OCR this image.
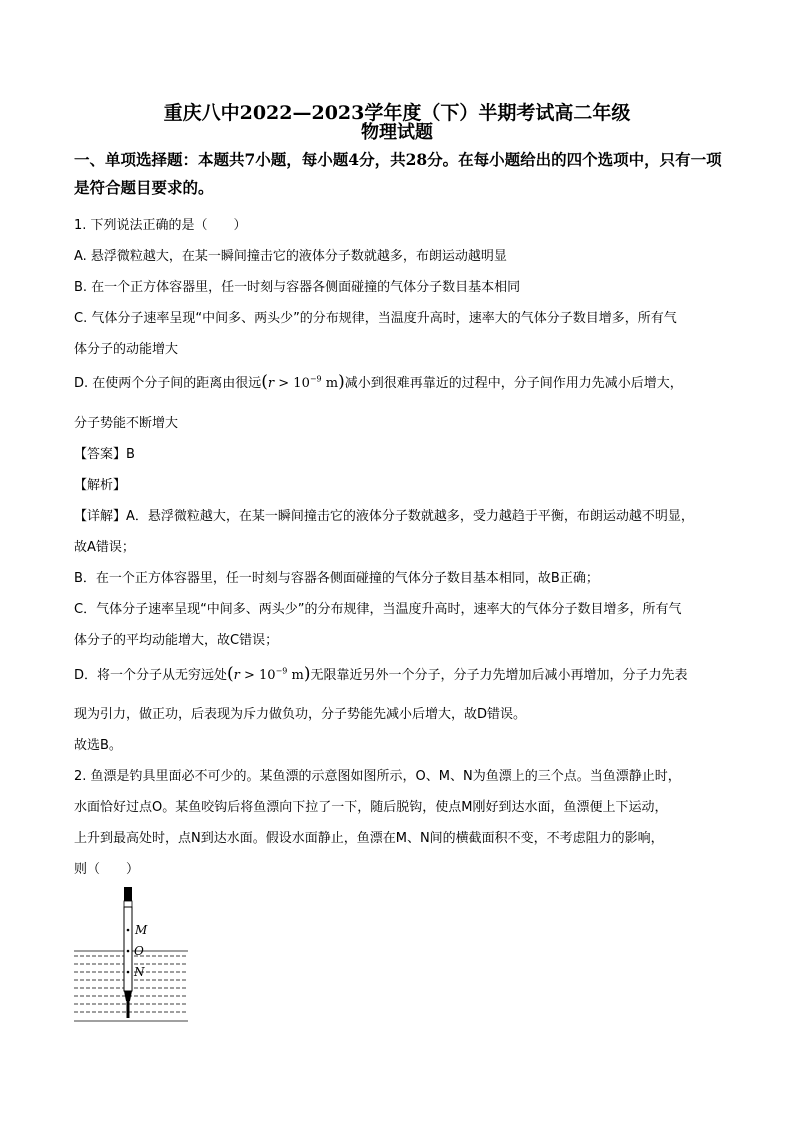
重庆八中2022—2023学年度（下）半期考试高二年级
物理试题
一、单项选择题：本题共7小题，每小题4分，共28分。在每小题给出的四个选项中，只有一项是符合题目要求的。
1. 下列说法正确的是（　　）
A. 悬浮微粒越大，在某一瞬间撞击它的液体分子数就越多，布朗运动越明显
B. 在一个正方体容器里，任一时刻与容器各侧面碰撞的气体分子数目基本相同
C. 气体分子速率呈现“中间多、两头少”的分布规律，当温度升高时，速率大的气体分子数目增多，所有气
体分子的动能增大
D. 在使两个分子间的距离由很远($r > 10^{-9}$ m)减小到很难再靠近的过程中，分子间作用力先减小后增大，
分子势能不断增大
【答案】B
【解析】
【详解】A．悬浮微粒越大，在某一瞬间撞击它的液体分子数就越多，受力越趋于平衡，布朗运动越不明显，
故A错误；
B．在一个正方体容器里，任一时刻与容器各侧面碰撞的气体分子数目基本相同，故B正确；
C．气体分子速率呈现“中间多、两头少”的分布规律，当温度升高时，速率大的气体分子数目增多，所有气
体分子的平均动能增大，故C错误；
D．将一个分子从无穷远处($r > 10^{-9}$ m)无限靠近另外一个分子，分子力先增加后减小再增加，分子力先表
现为引力，做正功，后表现为斥力做负功，分子势能先减小后增大，故D错误。
故选B。
2. 鱼漂是钓具里面必不可少的。某鱼漂的示意图如图所示，O、M、N为鱼漂上的三个点。当鱼漂静止时，
水面恰好过点O。某鱼咬钩后将鱼漂向下拉了一下，随后脱钩，使点M刚好到达水面，鱼漂便上下运动，
上升到最高处时，点N到达水面。假设水面静止，鱼漂在M、N间的横截面积不变，不考虑阻力的影响，
则（　　）
M
O
N
